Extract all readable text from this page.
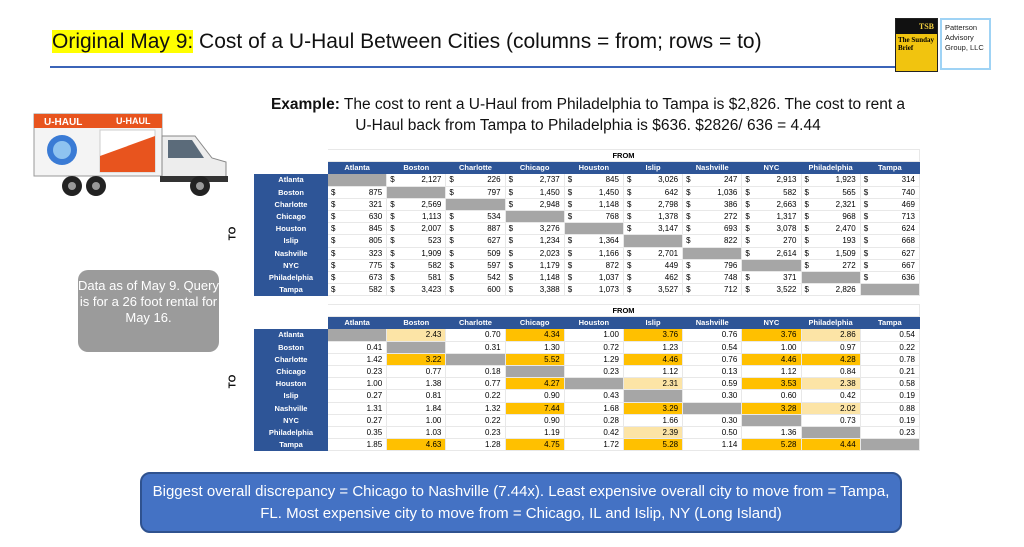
Original May 9: Cost of a U-Haul Between Cities (columns = from; rows = to)
TSB
The Sunday Brief
Patterson Advisory Group, LLC
Example: The cost to rent a U-Haul from Philadelphia to Tampa is $2,826. The cost to rent a U-Haul back from Tampa to Philadelphia is $636. $2826/ 636 = 4.44
U-HAUL	U-HAUL
Data as of May 9. Query is for a 26 foot rental for May 16.
TO
TO
	FROM									
	Atlanta	Boston	Charlotte	Chicago	Houston	Islip	Nashville	NYC	Philadelphia	Tampa
Atlanta		$ 2,127	$ 226	$ 2,737	$ 845	$ 3,026	$ 247	$ 2,913	$ 1,923	$ 314
Boston	$ 875		$ 797	$ 1,450	$ 1,450	$ 642	$ 1,036	$ 582	$ 565	$ 740
Charlotte	$ 321	$ 2,569		$ 2,948	$ 1,148	$ 2,798	$ 386	$ 2,663	$ 2,321	$ 469
Chicago	$ 630	$ 1,113	$ 534		$ 768	$ 1,378	$ 272	$ 1,317	$ 968	$ 713
Houston	$ 845	$ 2,007	$ 887	$ 3,276		$ 3,147	$ 693	$ 3,078	$ 2,470	$ 624
Islip	$ 805	$ 523	$ 627	$ 1,234	$ 1,364		$ 822	$ 270	$ 193	$ 668
Nashville	$ 323	$ 1,909	$ 509	$ 2,023	$ 1,166	$ 2,701		$ 2,614	$ 1,509	$ 627
NYC	$ 775	$ 582	$ 597	$ 1,179	$ 872	$ 449	$ 796		$ 272	$ 667
Philadelphia	$ 673	$ 581	$ 542	$ 1,148	$ 1,037	$ 462	$ 748	$ 371		$ 636
Tampa	$ 582	$ 3,423	$ 600	$ 3,388	$ 1,073	$ 3,527	$ 712	$ 3,522	$ 2,826	
	FROM									
	Atlanta	Boston	Charlotte	Chicago	Houston	Islip	Nashville	NYC	Philadelphia	Tampa
Atlanta		2.43	0.70	4.34	1.00	3.76	0.76	3.76	2.86	0.54
Boston	0.41		0.31	1.30	0.72	1.23	0.54	1.00	0.97	0.22
Charlotte	1.42	3.22		5.52	1.29	4.46	0.76	4.46	4.28	0.78
Chicago	0.23	0.77	0.18		0.23	1.12	0.13	1.12	0.84	0.21
Houston	1.00	1.38	0.77	4.27		2.31	0.59	3.53	2.38	0.58
Islip	0.27	0.81	0.22	0.90	0.43		0.30	0.60	0.42	0.19
Nashville	1.31	1.84	1.32	7.44	1.68	3.29		3.28	2.02	0.88
NYC	0.27	1.00	0.22	0.90	0.28	1.66	0.30		0.73	0.19
Philadelphia	0.35	1.03	0.23	1.19	0.42	2.39	0.50	1.36		0.23
Tampa	1.85	4.63	1.28	4.75	1.72	5.28	1.14	5.28	4.44	
Biggest overall discrepancy = Chicago to Nashville (7.44x). Least expensive overall city to move from = Tampa, FL. Most expensive city to move from = Chicago, IL and Islip, NY (Long Island)
